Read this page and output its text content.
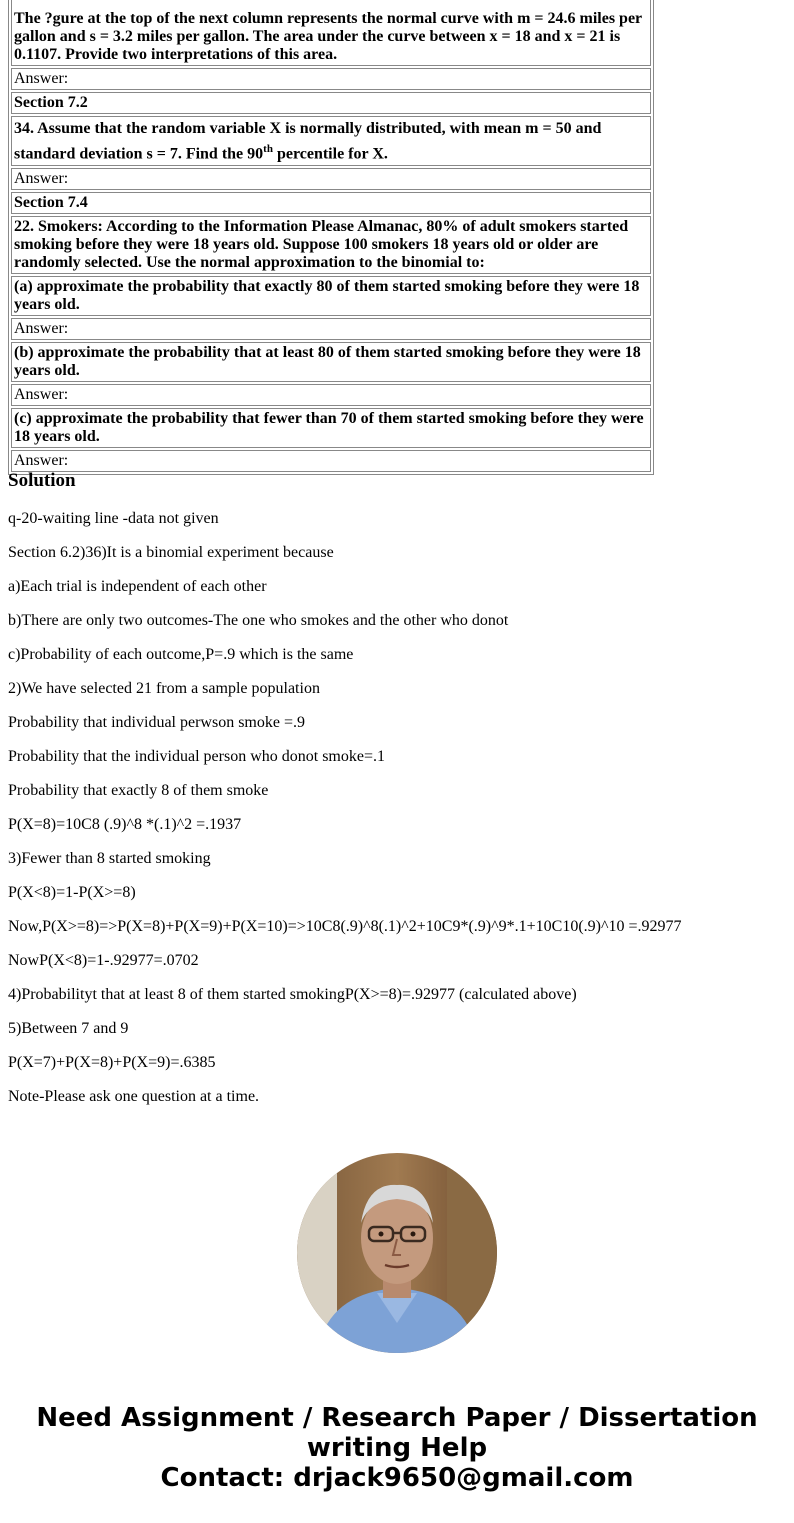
The ?gure at the top of the next column represents the normal curve with m = 24.6 miles per gallon and s = 3.2 miles per gallon. The area under the curve between x = 18 and x = 21 is 0.1107. Provide two interpretations of this area.
Answer:
Section 7.2
34. Assume that the random variable X is normally distributed, with mean m = 50 and standard deviation s = 7. Find the 90th percentile for X.
Answer:
Section 7.4
22. Smokers: According to the Information Please Almanac, 80% of adult smokers started smoking before they were 18 years old. Suppose 100 smokers 18 years old or older are randomly selected. Use the normal approximation to the binomial to:
(a) approximate the probability that exactly 80 of them started smoking before they were 18 years old.
Answer:
(b) approximate the probability that at least 80 of them started smoking before they were 18 years old.
Answer:
(c) approximate the probability that fewer than 70 of them started smoking before they were 18 years old.
Answer:
Solution

q-20-waiting line -data not given

Section 6.2)36)It is a binomial experiment because

a)Each trial is independent of each other

b)There are only two outcomes-The one who smokes and the other who donot

c)Probability of each outcome,P=.9 which is the same

2)We have selected 21 from a sample population

Probability that individual perwson smoke =.9

Probability that the individual person who donot smoke=.1

Probability that exactly 8 of them smoke

P(X=8)=10C8 (.9)^8 *(.1)^2 =.1937

3)Fewer than 8 started smoking

P(X<8)=1-P(X>=8)

Now,P(X>=8)=>P(X=8)+P(X=9)+P(X=10)=>10C8(.9)^8(.1)^2+10C9*(.9)^9*.1+10C10(.9)^10 =.92977

NowP(X<8)=1-.92977=.0702

4)Probabilityt that at least 8 of them started smokingP(X>=8)=.92977 (calculated above)

5)Between 7 and 9

P(X=7)+P(X=8)+P(X=9)=.6385

Note-Please ask one question at a time.

Need Assignment / Research Paper / Dissertation
writing Help
Contact: drjack9650@gmail.com
